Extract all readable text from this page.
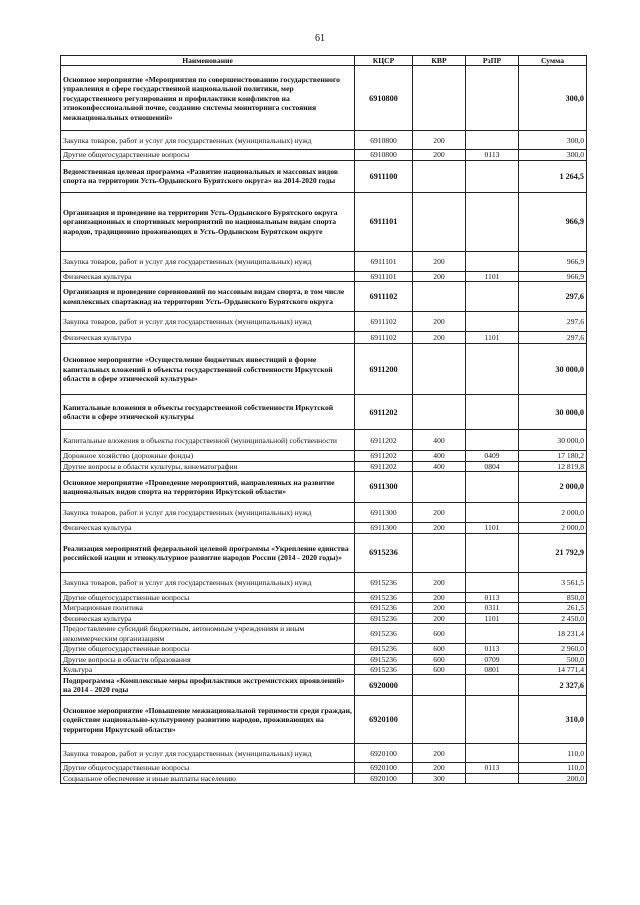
61
Наименование	КЦСР	КВР	РзПР	Сумма
Основное мероприятие «Мероприятия по совершенствованию государственного управления в сфере государственной национальной политики, мер государственного регулирования и профилактики конфликтов на этноконфессиональной почве, созданию системы мониторинга состояния межнациональных отношений»	6910800			300,0
Закупка товаров, работ и услуг для государственных (муниципальных) нужд	6910800	200		300,0
Другие общегосударственные вопросы	6910800	200	0113	300,0
Ведомственная целевая программа «Развитие национальных и массовых видов спорта на территории Усть-Ордынского Бурятского округа» на 2014-2020 годы	6911100			1 264,5
Организация и проведение на территории Усть-Ордынского Бурятского округа организационных и спортивных мероприятий по национальным видам спорта народов, традиционно проживающих в Усть-Ордынском Бурятском округе	6911101			966,9
Закупка товаров, работ и услуг для государственных (муниципальных) нужд	6911101	200		966,9
Физическая культура	6911101	200	1101	966,9
Организация и проведение соревнований по массовым видам спорта, в том числе комплексных спартакиад на территории Усть-Ордынского Бурятского округа	6911102			297,6
Закупка товаров, работ и услуг для государственных (муниципальных) нужд	6911102	200		297,6
Физическая культура	6911102	200	1101	297,6
Основное мероприятие «Осуществление бюджетных инвестиций в форме капитальных вложений в объекты государственной собственности Иркутской области в сфере этнической культуры»	6911200			30 000,0
Капитальные вложения в объекты государственной собственности Иркутской области в сфере этнической культуры	6911202			30 000,0
Капитальные вложения в объекты государственной (муниципальной) собственности	6911202	400		30 000,0
Дорожное хозяйство (дорожные фонды)	6911202	400	0409	17 180,2
Другие вопросы в области культуры, кинематографии	6911202	400	0804	12 819,8
Основное мероприятие «Проведение мероприятий, направленных на развитие национальных видов спорта на территории Иркутской области»	6911300			2 000,0
Закупка товаров, работ и услуг для государственных (муниципальных) нужд	6911300	200		2 000,0
Физическая культура	6911300	200	1101	2 000,0
Реализация мероприятий федеральной целевой программы «Укрепление единства российской нации и этнокультурное развитие народов России (2014 - 2020 годы)»	6915236			21 792,9
Закупка товаров, работ и услуг для государственных (муниципальных) нужд	6915236	200		3 561,5
Другие общегосударственные вопросы	6915236	200	0113	850,0
Миграционная политика	6915236	200	0311	261,5
Физическая культура	6915236	200	1101	2 450,0
Предоставление субсидий бюджетным, автономным учреждениям и иным некоммерческим организациям	6915236	600		18 231,4
Другие общегосударственные вопросы	6915236	600	0113	2 960,0
Другие вопросы в области образования	6915236	600	0709	500,0
Культура	6915236	600	0801	14 771,4
Подпрограмма «Комплексные меры профилактики экстремистских проявлений» на 2014 - 2020 годы	6920000			2 327,6
Основное мероприятие «Повышение межнациональной терпимости среди граждан, содействие национально-культурному развитию народов, проживающих на территории Иркутской области»	6920100			310,0
Закупка товаров, работ и услуг для государственных (муниципальных) нужд	6920100	200		110,0
Другие общегосударственные вопросы	6920100	200	0113	110,0
Социальное обеспечение и иные выплаты населению	6920100	300		200,0
